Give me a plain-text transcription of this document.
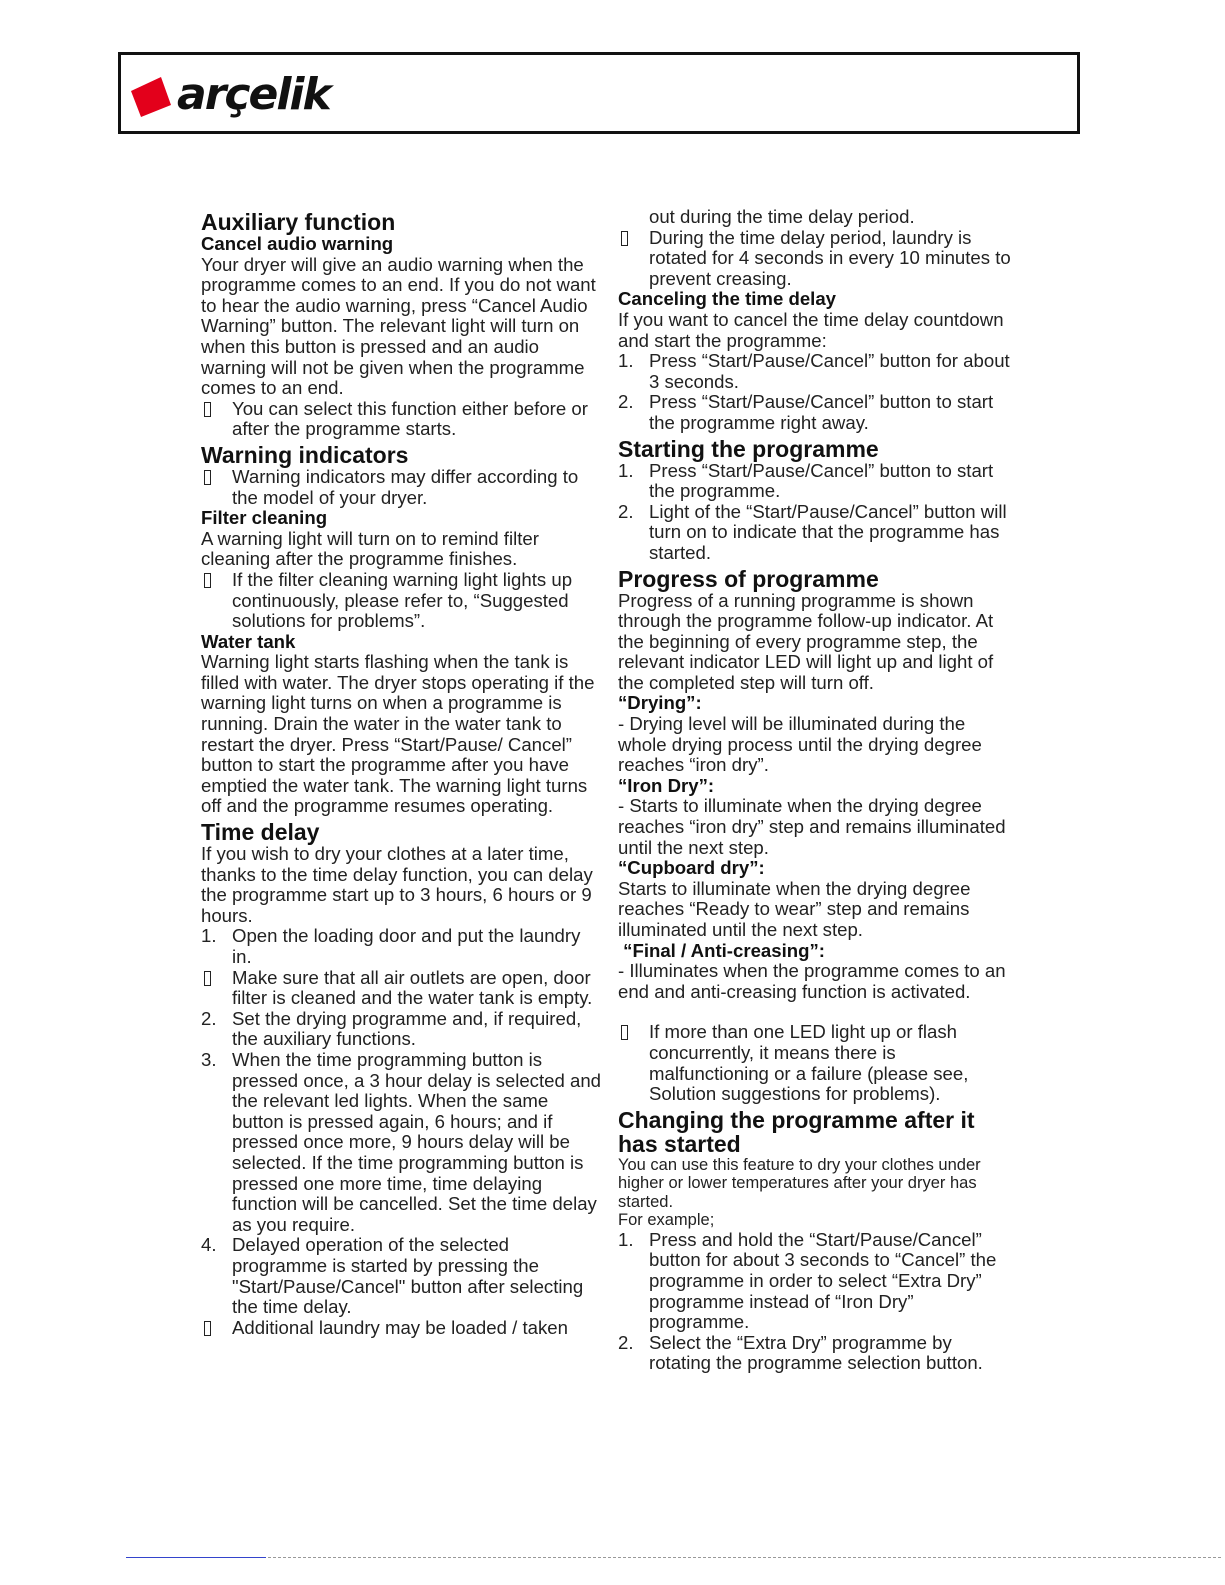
arçelik
Auxiliary function
Cancel audio warning

Your dryer will give an audio warning when the programme comes to an end. If you do not want to hear the audio warning, press “Cancel Audio Warning” button. The relevant light will turn on when this button is pressed and an audio warning will not be given when the programme comes to an end.

You can select this function either before or after the programme starts.
Warning indicators
Warning indicators may differ according to the model of your dryer.
Filter cleaning

A warning light will turn on to remind filter cleaning after the programme finishes.

If the filter cleaning warning light lights up continuously, please refer to, “Suggested solutions for problems”.
Water tank

Warning light starts flashing when the tank is filled with water. The dryer stops operating if the warning light turns on when a programme is running. Drain the water in the water tank to restart the dryer. Press “Start/Pause/ Cancel” button to start the programme after you have emptied the water tank. The warning light turns off and the programme resumes operating.

Time delay

If you wish to dry your clothes at a later time, thanks to the time delay function, you can delay the programme start up to 3 hours, 6 hours or 9 hours.

1. Open the loading door and put the laundry in.
Make sure that all air outlets are open, door filter is cleaned and the water tank is empty.
2. Set the drying programme and, if required, the auxiliary functions.
3. When the time programming button is pressed once, a 3 hour delay is selected and the relevant led lights. When the same button is pressed again, 6 hours; and if pressed once more, 9 hours delay will be selected. If the time programming button is pressed one more time, time delaying function will be cancelled. Set the time delay as you require.
4. Delayed operation of the selected programme is started by pressing the "Start/Pause/Cancel" button after selecting the time delay.
Additional laundry may be loaded / taken
out during the time delay period.
During the time delay period, laundry is rotated for 4 seconds in every 10 minutes to prevent creasing.
Canceling the time delay

If you want to cancel the time delay countdown and start the programme:

1. Press “Start/Pause/Cancel” button for about 3 seconds.
2. Press “Start/Pause/Cancel” button to start the programme right away.
Starting the programme
1. Press “Start/Pause/Cancel” button to start the programme.
2. Light of the “Start/Pause/Cancel” button will turn on to indicate that the programme has started.
Progress of programme

Progress of a running programme is shown through the programme follow-up indicator. At the beginning of every programme step, the relevant indicator LED will light up and light of the completed step will turn off.

“Drying”:

- Drying level will be illuminated during the whole drying process until the drying degree reaches “iron dry”.

“Iron Dry”:

- Starts to illuminate when the drying degree reaches “iron dry” step and remains illuminated until the next step.

“Cupboard dry”:

Starts to illuminate when the drying degree reaches “Ready to wear” step and remains illuminated until the next step.

“Final / Anti-creasing”:

- Illuminates when the programme comes to an end and anti-creasing function is activated.

If more than one LED light up or flash concurrently, it means there is malfunctioning or a failure (please see, Solution suggestions for problems).
Changing the programme after it has started

You can use this feature to dry your clothes under higher or lower temperatures after your dryer has started.

For example;

1. Press and hold the “Start/Pause/Cancel” button for about 3 seconds to “Cancel” the programme in order to select “Extra Dry” programme instead of “Iron Dry” programme.
2. Select the “Extra Dry” programme by rotating the programme selection button.
